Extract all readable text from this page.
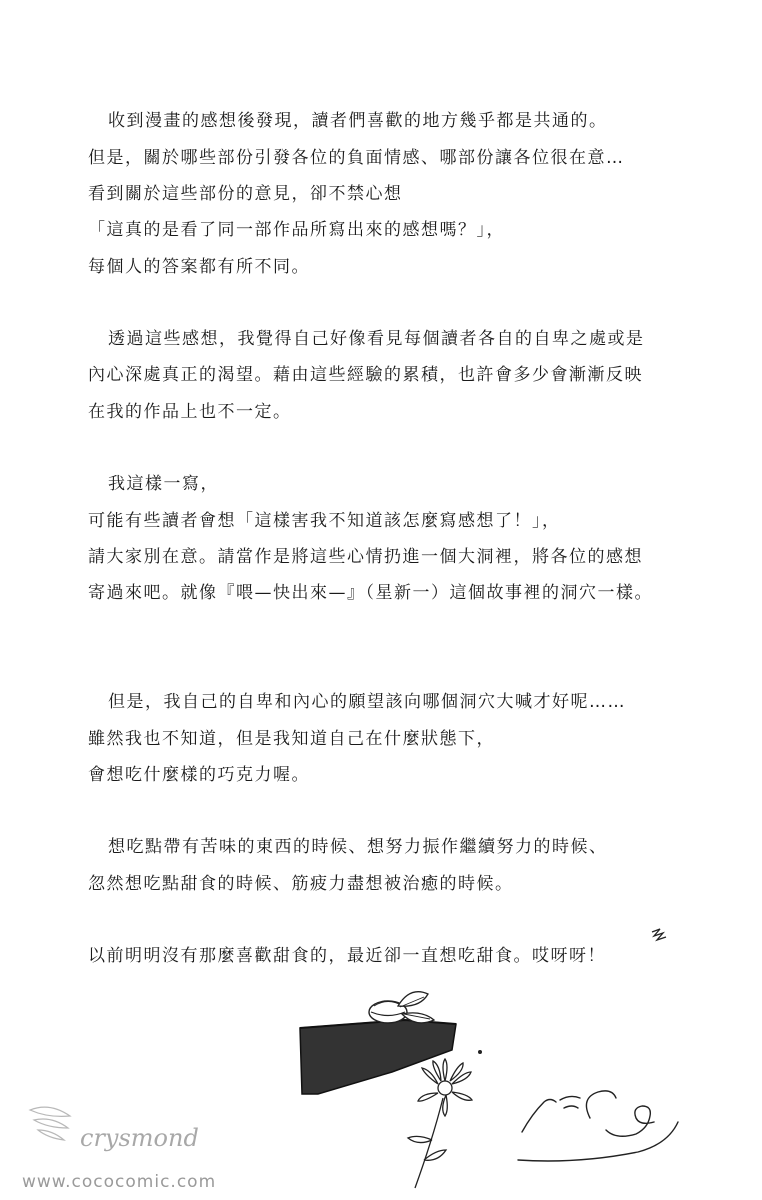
收到漫畫的感想後發現，讀者們喜歡的地方幾乎都是共通的。
但是，關於哪些部份引發各位的負面情感、哪部份讓各位很在意…
看到關於這些部份的意見，卻不禁心想
「這真的是看了同一部作品所寫出來的感想嗎？」，
每個人的答案都有所不同。
透過這些感想，我覺得自己好像看見每個讀者各自的自卑之處或是
內心深處真正的渴望。藉由這些經驗的累積，也許會多少會漸漸反映
在我的作品上也不一定。
我這樣一寫，
可能有些讀者會想「這樣害我不知道該怎麼寫感想了！」，
請大家別在意。請當作是將這些心情扔進一個大洞裡，將各位的感想
寄過來吧。就像『喂—快出來—』（星新一）這個故事裡的洞穴一樣。
但是，我自己的自卑和內心的願望該向哪個洞穴大喊才好呢……
雖然我也不知道，但是我知道自己在什麼狀態下，
會想吃什麼樣的巧克力喔。
想吃點帶有苦味的東西的時候、想努力振作繼續努力的時候、
忽然想吃點甜食的時候、筋疲力盡想被治癒的時候。
以前明明沒有那麼喜歡甜食的，最近卻一直想吃甜食。哎呀呀！
crysmond
www.cococomic.com
